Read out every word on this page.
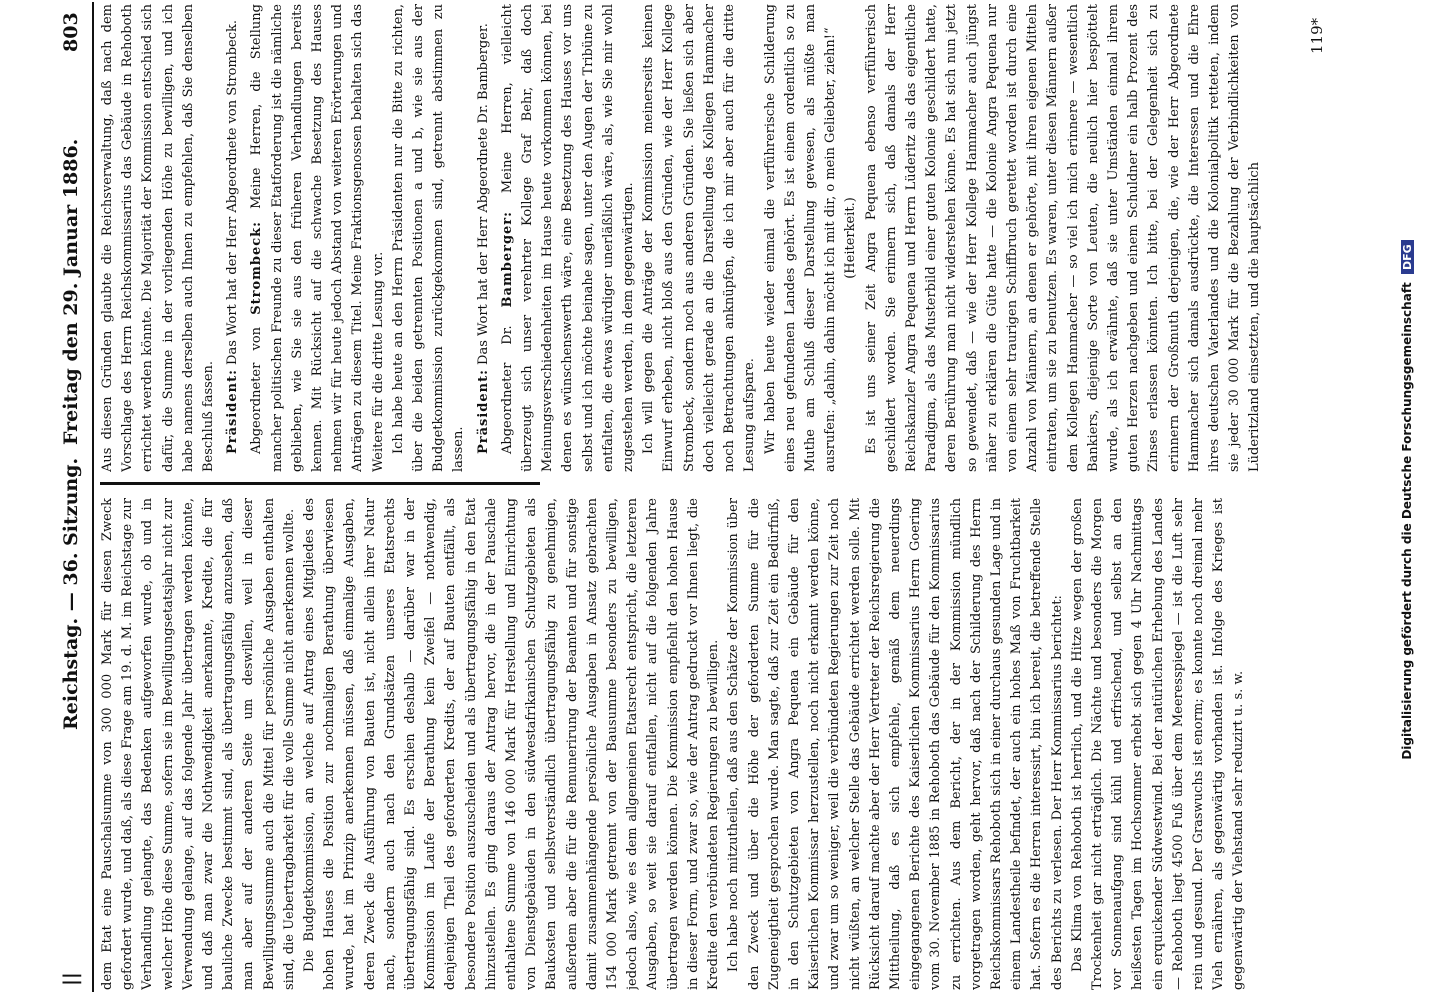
||
Reichstag. — 36. Sitzung.
Freitag den 29. Januar 1886.
803

dem Etat eine Pauschalsumme von 300 000 Mark für diesen Zweck gefordert wurde, und daß, als diese Frage am 19. d. M. im Reichstage zur Verhandlung gelangte, das Bedenken aufgeworfen wurde, ob und in welcher Höhe diese Summe, sofern sie im Bewilligungsetatsjahr nicht zur Verwendung gelange, auf das folgende Jahr übertragen werden könnte, und daß man zwar die Nothwendigkeit anerkannte, Kredite, die für bauliche Zwecke bestimmt sind, als übertragungsfähig anzusehen, daß man aber auf der anderen Seite um deswillen, weil in dieser Bewilligungssumme auch die Mittel für persönliche Ausgaben enthalten sind, die Uebertragbarkeit für die volle Summe nicht anerkennen wollte. Die Budgetkommission, an welche auf Antrag eines Mitgliedes des hohen Hauses die Position zur nochmaligen Berathung überwiesen wurde, hat im Prinzip anerkennen müssen, daß einmalige Ausgaben, deren Zweck die Ausführung von Bauten ist, nicht allein ihrer Natur nach, sondern auch nach den Grundsätzen unseres Etatsrechts übertragungsfähig sind. Es erschien deshalb — darüber war in der Kommission im Laufe der Berathung kein Zweifel — nothwendig, denjenigen Theil des geforderten Kredits, der auf Bauten entfällt, als besondere Position auszuscheiden und als übertragungsfähig in den Etat hinzustellen. Es ging daraus der Antrag hervor, die in der Pauschale enthaltene Summe von 146 000 Mark für Herstellung und Einrichtung von Dienstgebäuden in den südwestafrikanischen Schutzgebieten als Baukosten und selbstverständlich übertragungsfähig zu genehmigen, außerdem aber die für die Remunerirung der Beamten und für sonstige damit zusammenhängende persönliche Ausgaben in Ansatz gebrachten 154 000 Mark getrennt von der Bausumme besonders zu bewilligen, jedoch also, wie es dem allgemeinen Etatsrecht entspricht, die letzteren Ausgaben, so weit sie darauf entfallen, nicht auf die folgenden Jahre übertragen werden können. Die Kommission empfiehlt den hohen Hause in dieser Form, und zwar so, wie der Antrag gedruckt vor Ihnen liegt, die Kredite den verbündeten Regierungen zu bewilligen. Ich habe noch mitzutheilen, daß aus den Schätze der Kommission über den Zweck und über die Höhe der geforderten Summe für die Zugeneigtheit gesprochen wurde. Man sagte, daß zur Zeit ein Bedürfniß, in den Schutzgebieten von Angra Pequena ein Gebäude für den Kaiserlichen Kommissar herzustellen, noch nicht erkannt werden könne, und zwar um so weniger, weil die verbündeten Regierungen zur Zeit noch nicht wüßten, an welcher Stelle das Gebäude errichtet werden solle. Mit Rücksicht darauf machte aber der Herr Vertreter der Reichsregierung die Mittheilung, daß es sich empfehle, gemäß dem neuerdings eingegangenen Berichte des Kaiserlichen Kommissarius Herrn Goering vom 30. November 1885 in Rehoboth das Gebäude für den Kommissarius zu errichten. Aus dem Bericht, der in der Kommission mündlich vorgetragen worden, geht hervor, daß nach der Schilderung des Herrn Reichskommissars Rehoboth sich in einer durchaus gesunden Lage und in einem Landestheile befindet, der auch ein hohes Maß von Fruchtbarkeit hat. Sofern es die Herren interessirt, bin ich bereit, die betreffende Stelle des Berichts zu verlesen. Der Herr Kommissarius berichtet: Das Klima von Rehoboth ist herrlich, und die Hitze wegen der großen Trockenheit gar nicht erträglich. Die Nächte und besonders die Morgen vor Sonnenaufgang sind kühl und erfrischend, und selbst an den heißesten Tagen im Hochsommer erhebt sich gegen 4 Uhr Nachmittags ein erquickender Südwestwind. Bei der natürlichen Erhebung des Landes — Rehoboth liegt 4500 Fuß über dem Meeresspiegel — ist die Luft sehr rein und gesund. Der Graswuchs ist enorm; es konnte noch dreimal mehr Vieh ernähren, als gegenwärtig vorhanden ist. Infolge des Krieges ist gegenwärtig der Viehstand sehr reduzirt u. s. w.

Aus diesen Gründen glaubte die Reichsverwaltung, daß nach dem Vorschlage des Herrn Reichskommissarius das Gebäude in Rehoboth errichtet werden könnte. Die Majorität der Kommission entschied sich dafür, die Summe in der vorliegenden Höhe zu bewilligen, und ich habe namens derselben auch Ihnen zu empfehlen, daß Sie denselben Beschluß fassen. Präsident: Das Wort hat der Herr Abgeordnete von Strombeck.

Abgeordneter von Strombeck: Meine Herren, die Stellung mancher politischen Freunde zu dieser Etatforderung ist die nämliche geblieben, wie Sie sie aus den früheren Verhandlungen bereits kennen. Mit Rücksicht auf die schwache Besetzung des Hauses nehmen wir für heute jedoch Abstand von weiteren Erörterungen und Anträgen zu diesem Titel. Meine Fraktionsgenossen behalten sich das Weitere für die dritte Lesung vor. Ich habe heute an den Herrn Präsidenten nur die Bitte zu richten, über die beiden getrennten Positionen a und b, wie sie aus der Budgetkommission zurückgekommen sind, getrennt abstimmen zu lassen. Präsident: Das Wort hat der Herr Abgeordnete Dr. Bamberger.

Abgeordneter Dr. Bamberger: Meine Herren, vielleicht überzeugt sich unser verehrter Kollege Graf Behr, daß doch Meinungsverschiedenheiten im Hause heute vorkommen können, bei denen es wünschenswerth wäre, eine Besetzung des Hauses vor uns selbst und ich möchte beinahe sagen, unter den Augen der Tribüne zu entfalten, die etwas würdiger unerläßlich wäre, als, wie Sie mir wohl zugestehen werden, in dem gegenwärtigen. Ich will gegen die Anträge der Kommission meinerseits keinen Einwurf erheben, nicht bloß aus den Gründen, wie der Herr Kollege Strombeck, sondern noch aus anderen Gründen. Sie ließen sich aber doch vielleicht gerade an die Darstellung des Kollegen Hammacher noch Betrachtungen anknüpfen, die ich mir aber auch für die dritte Lesung aufspare. Wir haben heute wieder einmal die verführerische Schilderung eines neu gefundenen Landes gehört. Es ist einem ordentlich so zu Muthe am Schluß dieser Darstellung gewesen, als müßte man ausrufen: „dahin, dahin möcht ich mit dir, o mein Geliebter, ziehn!“ (Heiterkeit.) Es ist uns seiner Zeit Angra Pequena ebenso verführerisch geschildert worden. Sie erinnern sich, daß damals der Herr Reichskanzler Angra Pequena und Herrn Lüderitz als das eigentliche Paradigma, als das Musterbild einer guten Kolonie geschildert hatte, deren Berührung man nicht widerstehen könne. Es hat sich nun jetzt so gewendet, daß — wie der Herr Kollege Hammacher auch jüngst näher zu erklären die Güte hatte — die Kolonie Angra Pequena nur von einem sehr traurigen Schiffbruch gerettet worden ist durch eine Anzahl von Männern, an denen er gehörte, mit ihren eigenen Mitteln eintraten, um sie zu benutzen. Es waren, unter diesen Männern außer dem Kollegen Hammacher — so viel ich mich erinnere — wesentlich Bankiers, diejenige Sorte von Leuten, die neulich hier bespöttelt wurde, als ich erwähnte, daß sie unter Umständen einmal ihrem guten Herzen nachgeben und einem Schuldner ein halb Prozent des Zinses erlassen könnten. Ich bitte, bei der Gelegenheit sich zu erinnern der Großmuth derjenigen, die, wie der Herr Abgeordnete Hammacher sich damals ausdrückte, die Interessen und die Ehre ihres deutschen Vaterlandes und die Kolonialpolitik retteten, indem sie jeder 30 000 Mark für die Bezahlung der Verbindlichkeiten von Lüderitzland einsetzten, und die hauptsächlich

119*
Digitalisierung gefördert durch die Deutsche Forschungsgemeinschaft DFG
